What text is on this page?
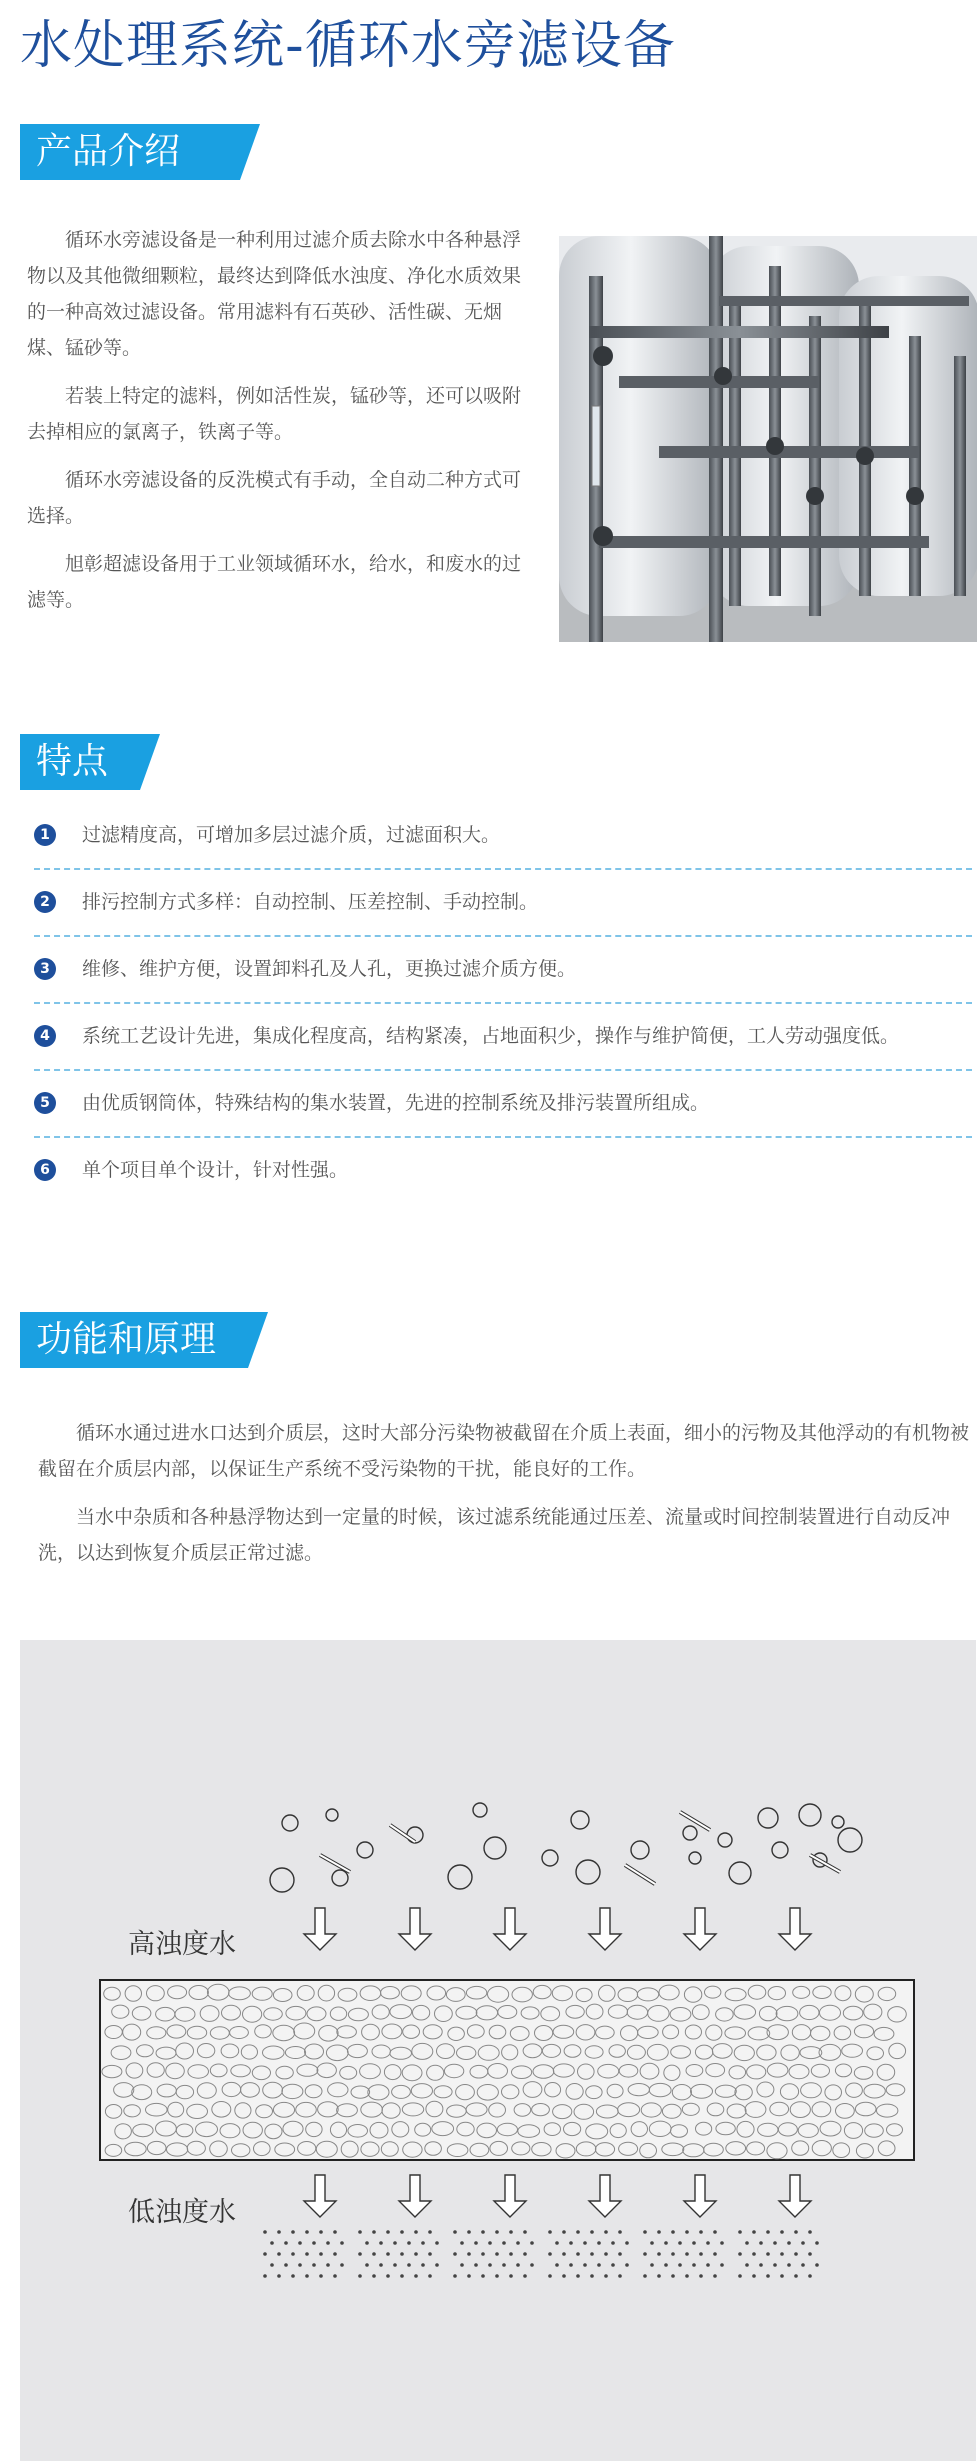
水处理系统-循环水旁滤设备
产品介绍

循环水旁滤设备是一种利用过滤介质去除水中各种悬浮物以及其他微细颗粒，最终达到降低水浊度、净化水质效果的一种高效过滤设备。常用滤料有石英砂、活性碳、无烟煤、锰砂等。

若装上特定的滤料，例如活性炭，锰砂等，还可以吸附去掉相应的氯离子，铁离子等。

循环水旁滤设备的反洗模式有手动，全自动二种方式可选择。

旭彰超滤设备用于工业领域循环水，给水，和废水的过滤等。

特点
1	过滤精度高，可增加多层过滤介质，过滤面积大。
2	排污控制方式多样：自动控制、压差控制、手动控制。
3	维修、维护方便，设置卸料孔及人孔，更换过滤介质方便。
4	系统工艺设计先进，集成化程度高，结构紧凑，占地面积少，操作与维护简便，工人劳动强度低。
5	由优质钢筒体，特殊结构的集水装置，先进的控制系统及排污装置所组成。
6	单个项目单个设计，针对性强。
功能和原理

循环水通过进水口达到介质层，这时大部分污染物被截留在介质上表面，细小的污物及其他浮动的有机物被截留在介质层内部，以保证生产系统不受污染物的干扰，能良好的工作。

当水中杂质和各种悬浮物达到一定量的时候，该过滤系统能通过压差、流量或时间控制装置进行自动反冲洗，以达到恢复介质层正常过滤。

高浊度水
低浊度水
